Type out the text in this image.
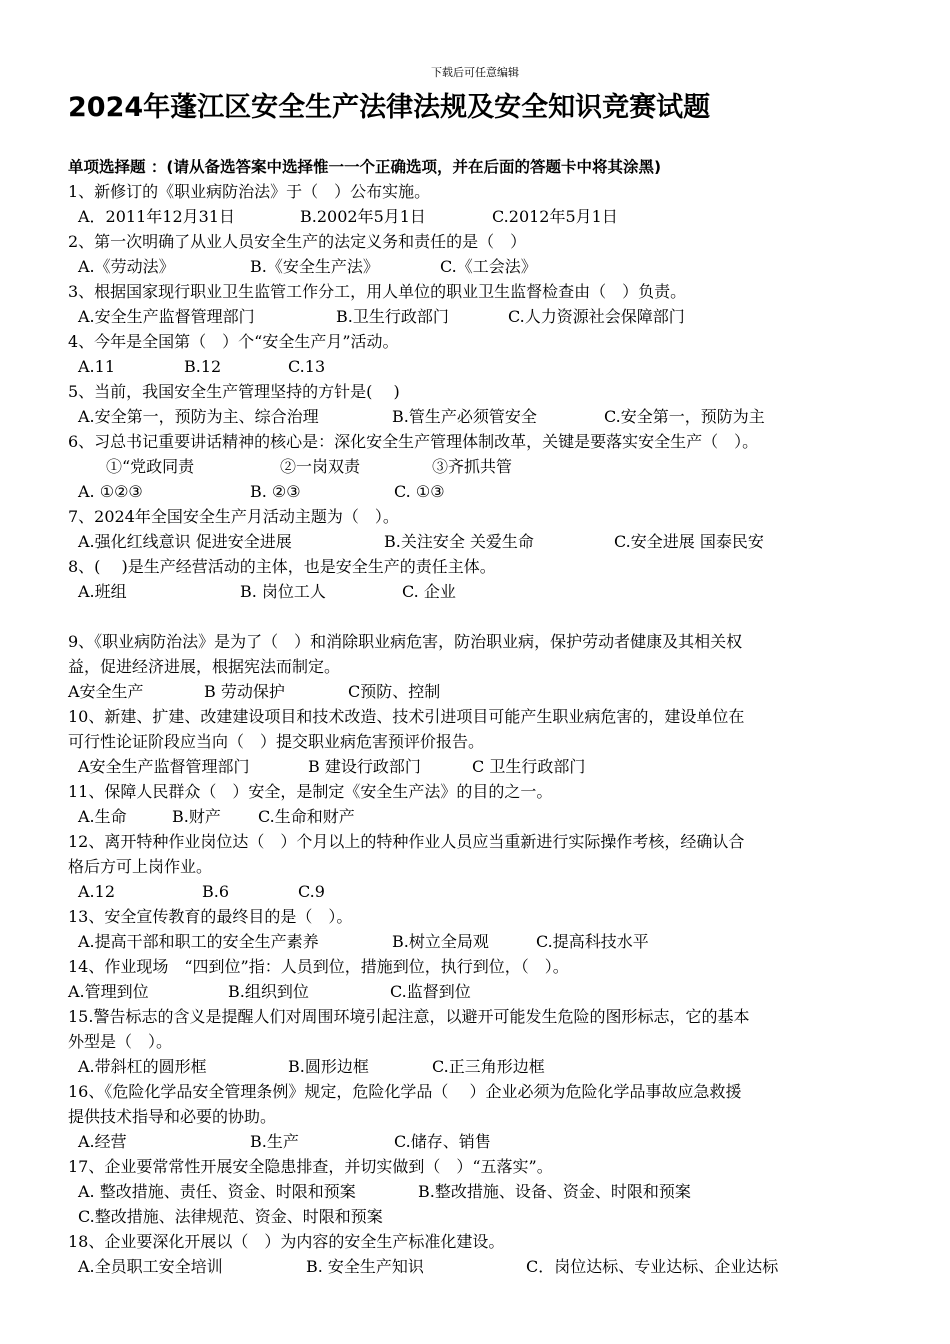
下载后可任意编辑
2024年蓬江区安全生产法律法规及安全知识竞赛试题
单项选择题 ：(请从备选答案中选择惟一一个正确选项，并在后面的答题卡中将其涂黑)
1、新修订的《职业病防治法》于（　）公布实施。
A．2011年12月31日	B.2002年5月1日	C.2012年5月1日
2、第一次明确了从业人员安全生产的法定义务和责任的是（　）
A.《劳动法》	B.《安全生产法》	C.《工会法》
3、根据国家现行职业卫生监管工作分工，用人单位的职业卫生监督检查由（　）负责。
A.安全生产监督管理部门	B.卫生行政部门	C.人力资源社会保障部门
4、今年是全国第（　）个“安全生产月”活动。
A.11	B.12	C.13
5、当前，我国安全生产管理坚持的方针是(　 )
A.安全第一，预防为主、综合治理	B.管生产必须管安全	C.安全第一，预防为主
6、习总书记重要讲话精神的核心是：深化安全生产管理体制改革，关键是要落实安全生产（　）。
①“党政同责	②一岗双责	③齐抓共管
A. ①②③	B. ②③	C. ①③
7、2024年全国安全生产月活动主题为（　）。
A.强化红线意识 促进安全进展	B.关注安全 关爱生命	C.安全进展 国泰民安
8、(　 )是生产经营活动的主体，也是安全生产的责任主体。
A.班组	B. 岗位工人	C. 企业
9、《职业病防治法》是为了（　）和消除职业病危害，防治职业病，保护劳动者健康及其相关权
益，促进经济进展，根据宪法而制定。
A安全生产	B 劳动保护	C预防、控制
10、新建、扩建、改建建设项目和技术改造、技术引进项目可能产生职业病危害的，建设单位在
可行性论证阶段应当向（　）提交职业病危害预评价报告。
A安全生产监督管理部门	B 建设行政部门	C 卫生行政部门
11、保障人民群众（　）安全，是制定《安全生产法》的目的之一。
A.生命	B.财产 C.生命和财产
12、离开特种作业岗位达（　）个月以上的特种作业人员应当重新进行实际操作考核，经确认合
格后方可上岗作业。
A.12	B.6	C.9
13、安全宣传教育的最终目的是（　）。
A.提高干部和职工的安全生产素养	B.树立全局观	C.提高科技水平
14、作业现场　“四到位”指：人员到位，措施到位，执行到位，（　）。
A.管理到位	B.组织到位	C.监督到位
15.警告标志的含义是提醒人们对周围环境引起注意，以避开可能发生危险的图形标志，它的基本
外型是（　）。
A.带斜杠的圆形框	B.圆形边框	C.正三角形边框
16、《危险化学品安全管理条例》规定，危险化学品（　 ）企业必须为危险化学品事故应急救援
提供技术指导和必要的协助。
A.经营	B.生产	C.储存、销售
17、企业要常常性开展安全隐患排查，并切实做到（　）“五落实”。
A. 整改措施、责任、资金、时限和预案	B.整改措施、设备、资金、时限和预案
C.整改措施、法律规范、资金、时限和预案
18、企业要深化开展以（　）为内容的安全生产标准化建设。
A.全员职工安全培训	B. 安全生产知识	C．岗位达标、专业达标、企业达标
